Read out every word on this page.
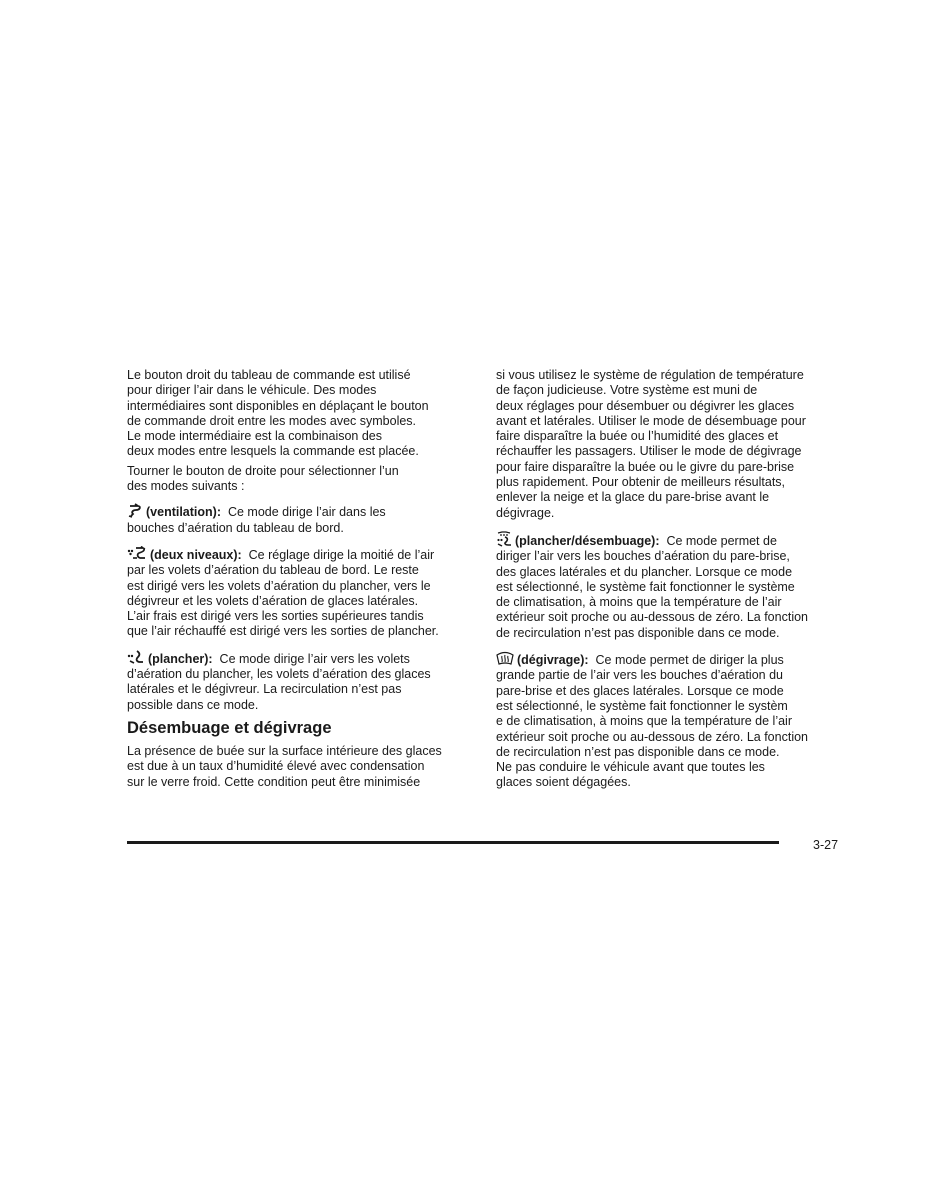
Le bouton droit du tableau de commande est utilisé
pour diriger l’air dans le véhicule. Des modes
intermédiaires sont disponibles en déplaçant le bouton
de commande droit entre les modes avec symboles.
Le mode intermédiaire est la combinaison des
deux modes entre lesquels la commande est placée.
Tourner le bouton de droite pour sélectionner l’un
des modes suivants :
(ventilation): Ce mode dirige l’air dans les
bouches d’aération du tableau de bord.
(deux niveaux): Ce réglage dirige la moitié de l’air
par les volets d’aération du tableau de bord. Le reste
est dirigé vers les volets d’aération du plancher, vers le
dégivreur et les volets d’aération de glaces latérales.
L’air frais est dirigé vers les sorties supérieures tandis
que l’air réchauffé est dirigé vers les sorties de plancher.
(plancher): Ce mode dirige l’air vers les volets
d’aération du plancher, les volets d’aération des glaces
latérales et le dégivreur. La recirculation n’est pas
possible dans ce mode.
Désembuage et dégivrage
La présence de buée sur la surface intérieure des glaces
est due à un taux d’humidité élevé avec condensation
sur le verre froid. Cette condition peut être minimisée
si vous utilisez le système de régulation de température
de façon judicieuse. Votre système est muni de
deux réglages pour désembuer ou dégivrer les glaces
avant et latérales. Utiliser le mode de désembuage pour
faire disparaître la buée ou l’humidité des glaces et
réchauffer les passagers. Utiliser le mode de dégivrage
pour faire disparaître la buée ou le givre du pare-brise
plus rapidement. Pour obtenir de meilleurs résultats,
enlever la neige et la glace du pare-brise avant le
dégivrage.
(plancher/désembuage): Ce mode permet de
diriger l’air vers les bouches d’aération du pare-brise,
des glaces latérales et du plancher. Lorsque ce mode
est sélectionné, le système fait fonctionner le système
de climatisation, à moins que la température de l’air
extérieur soit proche ou au-dessous de zéro. La fonction
de recirculation n’est pas disponible dans ce mode.
(dégivrage): Ce mode permet de diriger la plus
grande partie de l’air vers les bouches d’aération du
pare-brise et des glaces latérales. Lorsque ce mode
est sélectionné, le système fait fonctionner le systèm
e de climatisation, à moins que la température de l’air
extérieur soit proche ou au-dessous de zéro. La fonction
de recirculation n’est pas disponible dans ce mode.
Ne pas conduire le véhicule avant que toutes les
glaces soient dégagées.
3-27
